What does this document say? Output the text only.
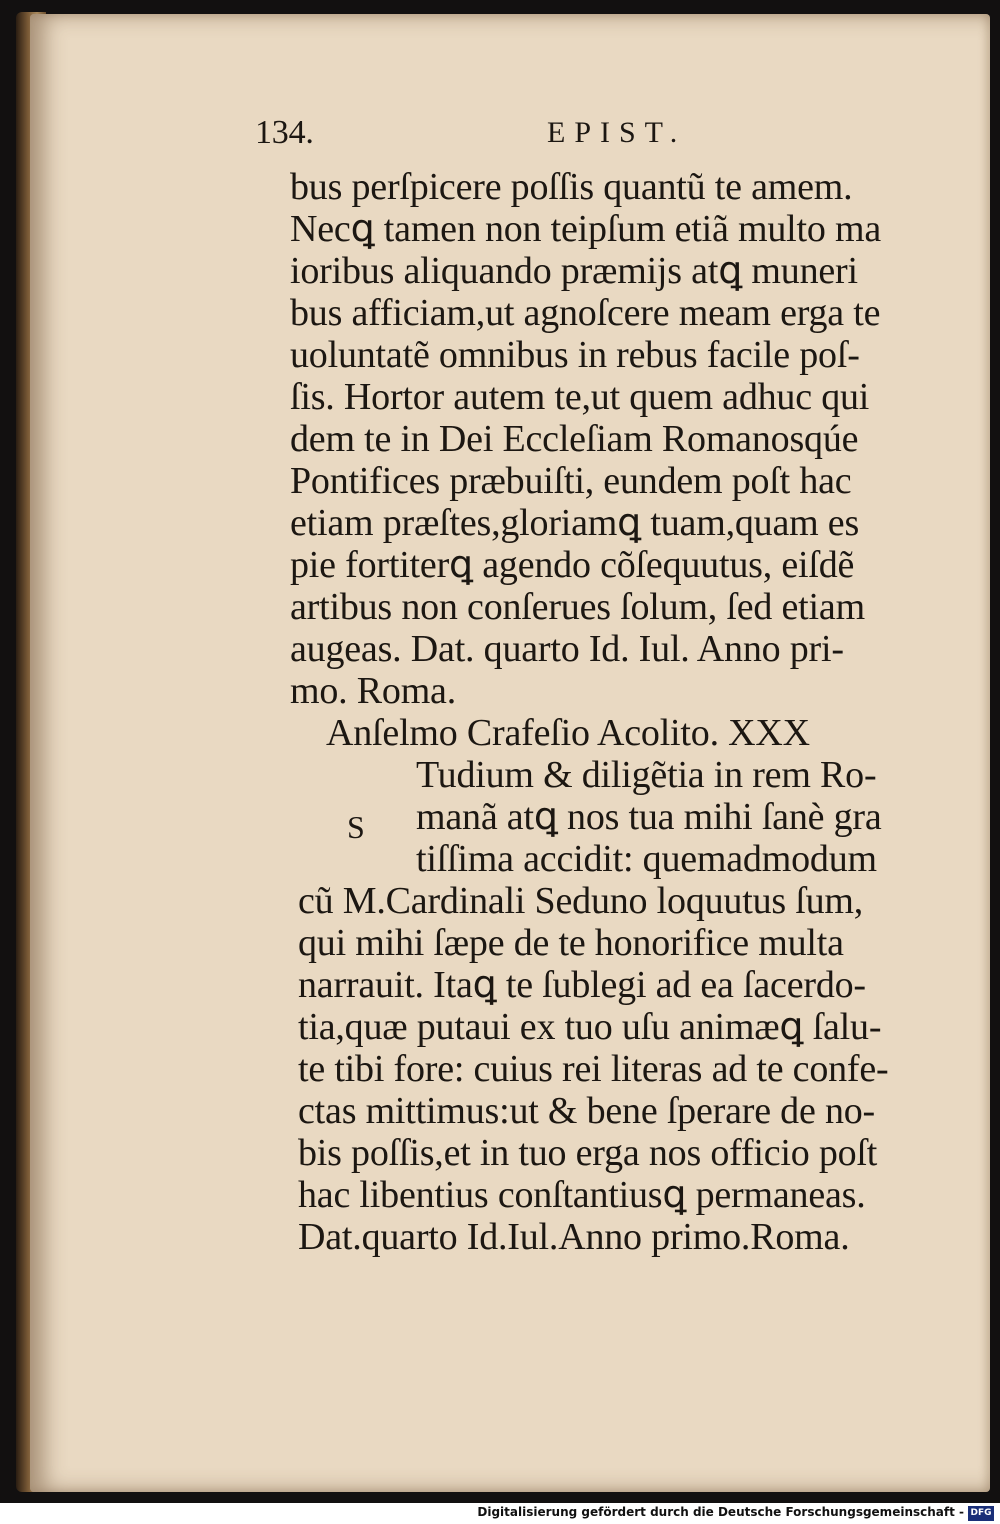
134.	EPIST.
bus perſpicere poſſis quantũ te amem.
Necꝗ tamen non teipſum etiã multo ma
ioribus aliquando præmijs atꝗ muneri
bus afficiam,ut agnoſcere meam erga te
uoluntatẽ omnibus in rebus facile poſ-
ſis. Hortor autem te,ut quem adhuc qui
dem te in Dei Eccleſiam Romanosqúe
Pontifices præbuiſti, eundem poſt hac
etiam præſtes,gloriamꝗ tuam,quam es
pie fortiterꝗ agendo cõſequutus, eiſdẽ
artibus non conſerues ſolum, ſed etiam
augeas. Dat. quarto Id. Iul. Anno pri-
mo. Roma.
Anſelmo Crafeſio Acolito. XXX
S
Tudium & diligẽtia in rem Ro-
manã atꝗ nos tua mihi ſanè gra
tiſſima accidit: quemadmodum
cũ M.Cardinali Seduno loquutus ſum,
qui mihi ſæpe de te honorifice multa
narrauit. Itaꝗ te ſublegi ad ea ſacerdo-
tia,quæ putaui ex tuo uſu animæꝗ ſalu-
te tibi fore: cuius rei literas ad te confe-
ctas mittimus:ut & bene ſperare de no-
bis poſſis,et in tuo erga nos officio poſt
hac libentius conſtantiusꝗ permaneas.
Dat.quarto Id.Iul.Anno primo.Roma.
Digitalisierung gefördert durch die Deutsche Forschungsgemeinschaft - DFG
